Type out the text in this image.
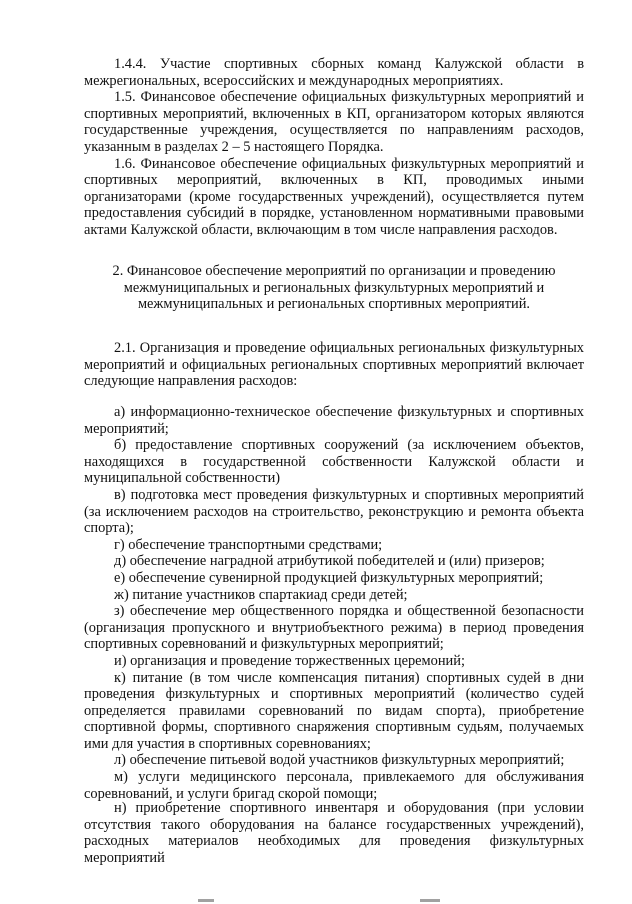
1.4.4. Участие спортивных сборных команд Калужской области в межрегиональных, всероссийских и международных мероприятиях.

1.5. Финансовое обеспечение официальных физкультурных мероприятий и спортивных мероприятий, включенных в КП, организатором которых являются государственные учреждения, осуществляется по направлениям расходов, указанным в разделах 2 – 5 настоящего Порядка.

1.6. Финансовое обеспечение официальных физкультурных мероприятий и спортивных мероприятий, включенных в КП, проводимых иными организаторами (кроме государственных учреждений), осуществляется путем предоставления субсидий в порядке, установленном нормативными правовыми актами Калужской области, включающим в том числе направления расходов.

2. Финансовое обеспечение мероприятий по организации и проведению межмуниципальных и региональных физкультурных мероприятий и межмуниципальных и региональных спортивных мероприятий.

2.1. Организация и проведение официальных региональных физкультурных мероприятий и официальных региональных спортивных мероприятий включает следующие направления расходов:

а) информационно-техническое обеспечение физкультурных и спортивных мероприятий;

б) предоставление спортивных сооружений (за исключением объектов, находящихся в государственной собственности Калужской области и муниципальной собственности)

в) подготовка мест проведения физкультурных и спортивных мероприятий (за исключением расходов на строительство, реконструкцию и ремонта объекта спорта);

г) обеспечение транспортными средствами;

д) обеспечение наградной атрибутикой победителей и (или) призеров;

е) обеспечение сувенирной продукцией физкультурных мероприятий;

ж) питание участников спартакиад среди детей;

з) обеспечение мер общественного порядка и общественной безопасности (организация пропускного и внутриобъектного режима) в период проведения спортивных соревнований и физкультурных мероприятий;

и) организация и проведение торжественных церемоний;

к) питание (в том числе компенсация питания) спортивных судей в дни проведения физкультурных и спортивных мероприятий (количество судей определяется правилами соревнований по видам спорта), приобретение спортивной формы, спортивного снаряжения спортивным судьям, получаемых ими для участия в спортивных соревнованиях;

л) обеспечение питьевой водой участников физкультурных мероприятий;

м) услуги медицинского персонала, привлекаемого для обслуживания соревнований, и услуги бригад скорой помощи;

н) приобретение спортивного инвентаря и оборудования (при условии отсутствия такого оборудования на балансе государственных учреждений), расходных материалов необходимых для проведения физкультурных мероприятий
